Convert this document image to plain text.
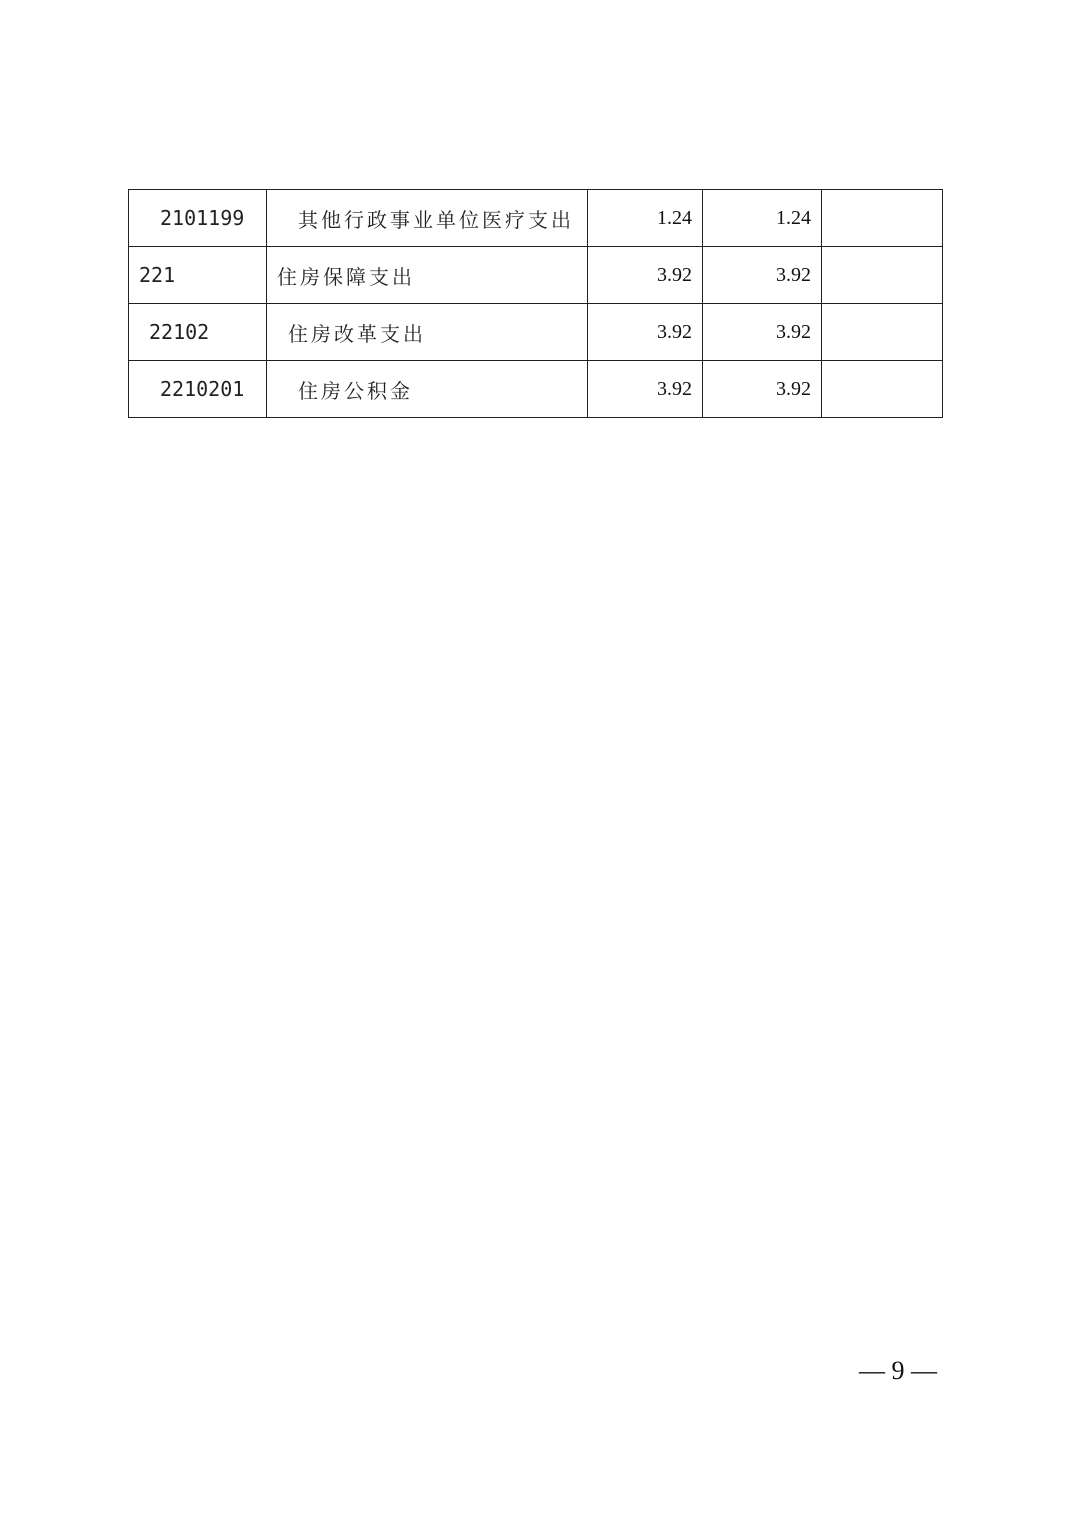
2101199	其他行政事业单位医疗支出	1.24	1.24	
221	住房保障支出	3.92	3.92	
22102	住房改革支出	3.92	3.92	
2210201	住房公积金	3.92	3.92	
— 9 —
